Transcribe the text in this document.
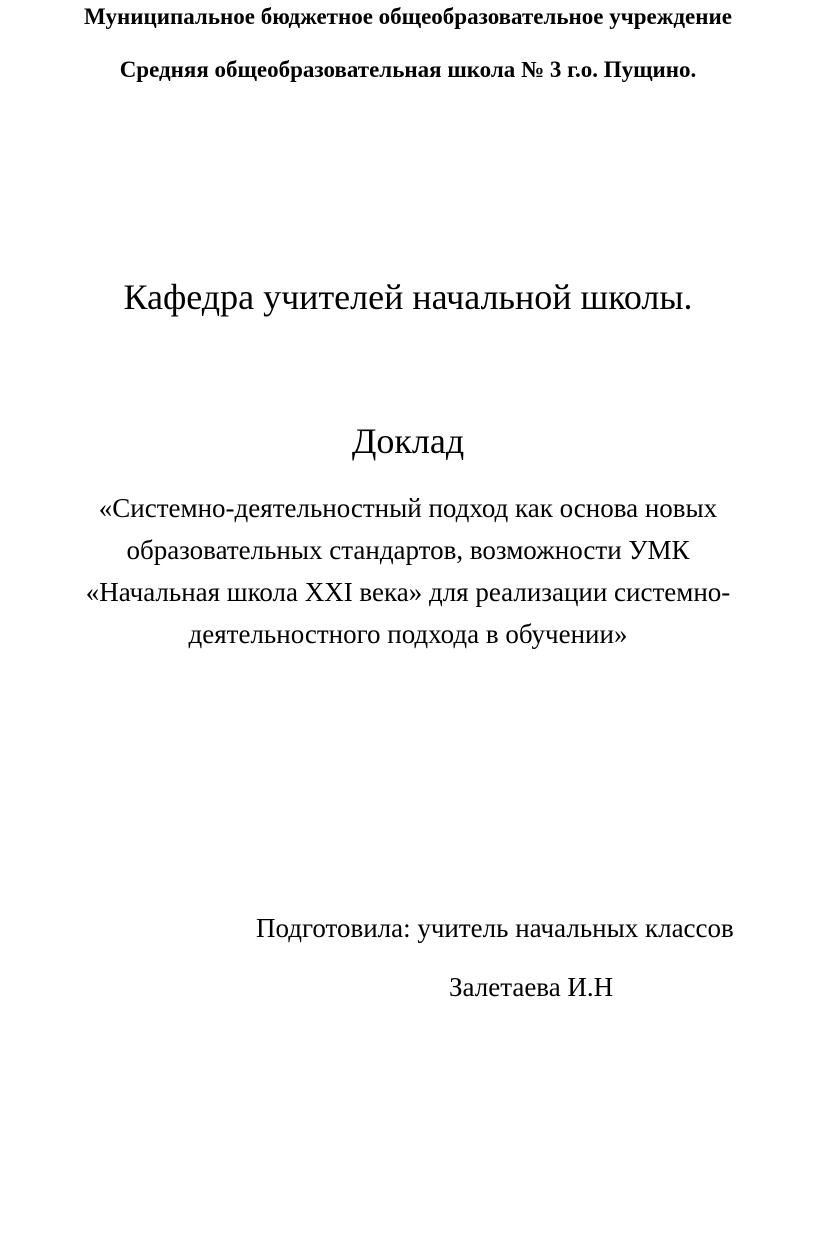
Муниципальное бюджетное общеобразовательное учреждение

Средняя общеобразовательная школа № 3 г.о. Пущино.

Кафедра учителей начальной школы.

Доклад

«Системно-деятельностный подход как основа новых

образовательных стандартов, возможности УМК

«Начальная школа XXI века» для реализации системно-

деятельностного подхода в обучении»

Подготовила: учитель начальных классов

Залетаева И.Н
